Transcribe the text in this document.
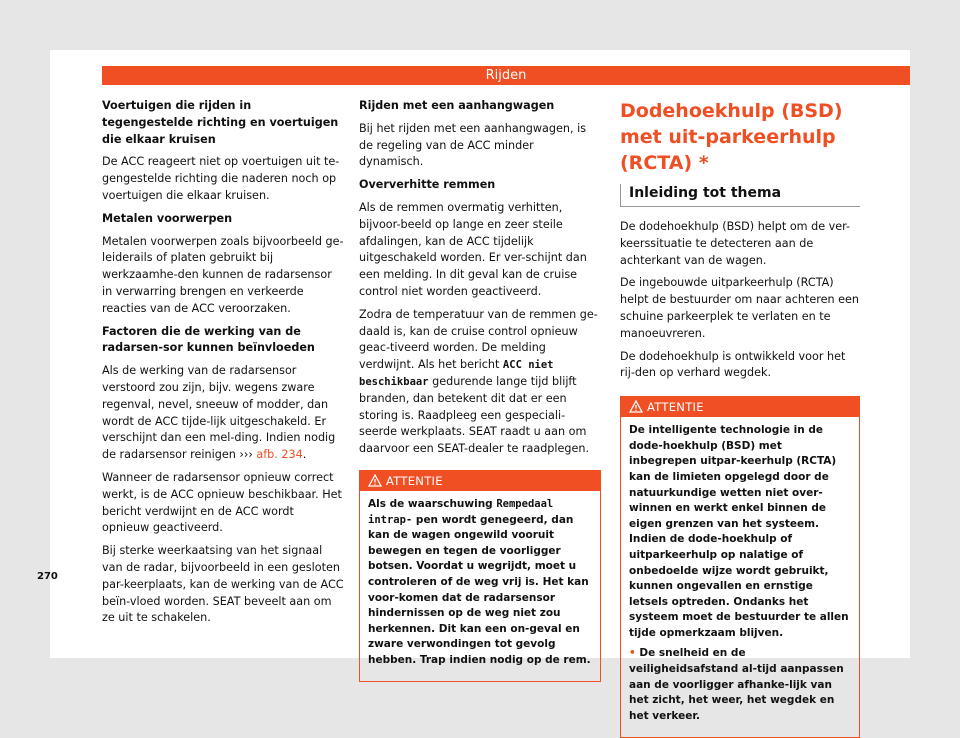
Rijden

Voertuigen die rijden in tegengestelde richting en voertuigen die elkaar kruisen

De ACC reageert niet op voertuigen uit te-gengestelde richting die naderen noch op voertuigen die elkaar kruisen.

Metalen voorwerpen

Metalen voorwerpen zoals bijvoorbeeld ge-leiderails of platen gebruikt bij werkzaamhe-den kunnen de radarsensor in verwarring brengen en verkeerde reacties van de ACC veroorzaken.

Factoren die de werking van de radarsen-sor kunnen beïnvloeden

Als de werking van de radarsensor verstoord zou zijn, bijv. wegens zware regenval, nevel, sneeuw of modder, dan wordt de ACC tijde-lijk uitgeschakeld. Er verschijnt dan een mel-ding. Indien nodig de radarsensor reinigen ››› afb. 234.

Wanneer de radarsensor opnieuw correct werkt, is de ACC opnieuw beschikbaar. Het bericht verdwijnt en de ACC wordt opnieuw geactiveerd.

Bij sterke weerkaatsing van het signaal van de radar, bijvoorbeeld in een gesloten par-keerplaats, kan de werking van de ACC beïn-vloed worden. SEAT beveelt aan om ze uit te schakelen.

Rijden met een aanhangwagen

Bij het rijden met een aanhangwagen, is de regeling van de ACC minder dynamisch.

Oververhitte remmen

Als de remmen overmatig verhitten, bijvoor-beeld op lange en zeer steile afdalingen, kan de ACC tijdelijk uitgeschakeld worden. Er ver-schijnt dan een melding. In dit geval kan de cruise control niet worden geactiveerd.

Zodra de temperatuur van de remmen ge-daald is, kan de cruise control opnieuw geac-tiveerd worden. De melding verdwijnt. Als het bericht ACC niet beschikbaar gedurende lange tijd blijft branden, dan betekent dit dat er een storing is. Raadpleeg een gespeciali-seerde werkplaats. SEAT raadt u aan om daarvoor een SEAT-dealer te raadplegen.

ATTENTIE

Als de waarschuwing Rempedaal intrap- pen wordt genegeerd, dan kan de wagen ongewild vooruit bewegen en tegen de voorligger botsen. Voordat u wegrijdt, moet u controleren of de weg vrij is. Het kan voor-komen dat de radarsensor hindernissen op de weg niet zou herkennen. Dit kan een on-geval en zware verwondingen tot gevolg hebben. Trap indien nodig op de rem.

Dodehoekhulp (BSD) met uit-parkeerhulp (RCTA) *
Inleiding tot thema

De dodehoekhulp (BSD) helpt om de ver-keerssituatie te detecteren aan de achterkant van de wagen.

De ingebouwde uitparkeerhulp (RCTA) helpt de bestuurder om naar achteren een schuine parkeerplek te verlaten en te manoeuvreren.

De dodehoekhulp is ontwikkeld voor het rij-den op verhard wegdek.

ATTENTIE

De intelligente technologie in de dode-hoekhulp (BSD) met inbegrepen uitpar-keerhulp (RCTA) kan de limieten opgelegd door de natuurkundige wetten niet over-winnen en werkt enkel binnen de eigen grenzen van het systeem. Indien de dode-hoekhulp of uitparkeerhulp op nalatige of onbedoelde wijze wordt gebruikt, kunnen ongevallen en ernstige letsels optreden. Ondanks het systeem moet de bestuurder te allen tijde opmerkzaam blijven.

• De snelheid en de veiligheidsafstand al-tijd aanpassen aan de voorligger afhanke-lijk van het zicht, het weer, het wegdek en het verkeer.

270
